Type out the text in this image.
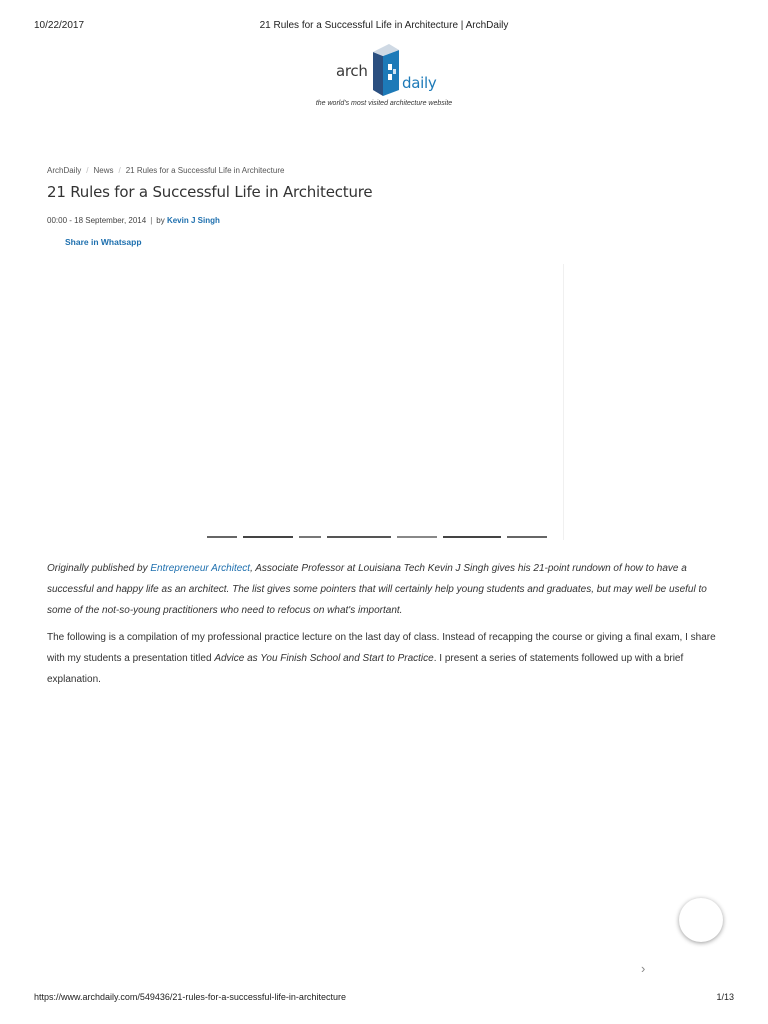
10/22/2017	21 Rules for a Successful Life in Architecture | ArchDaily
arch
daily
the world's most visited architecture website
ArchDaily / News / 21 Rules for a Successful Life in Architecture
21 Rules for a Successful Life in Architecture
00:00 - 18 September, 2014 | by Kevin J Singh
Share in Whatsapp

Originally published by Entrepreneur Architect, Associate Professor at Louisiana Tech Kevin J Singh gives his 21-point rundown of how to have a successful and happy life as an architect. The list gives some pointers that will certainly help young students and graduates, but may well be useful to some of the not-so-young practitioners who need to refocus on what's important.

The following is a compilation of my professional practice lecture on the last day of class. Instead of recapping the course or giving a final exam, I share with my students a presentation titled Advice as You Finish School and Start to Practice. I present a series of statements followed up with a brief explanation.

›
https://www.archdaily.com/549436/21-rules-for-a-successful-life-in-architecture	1/13
